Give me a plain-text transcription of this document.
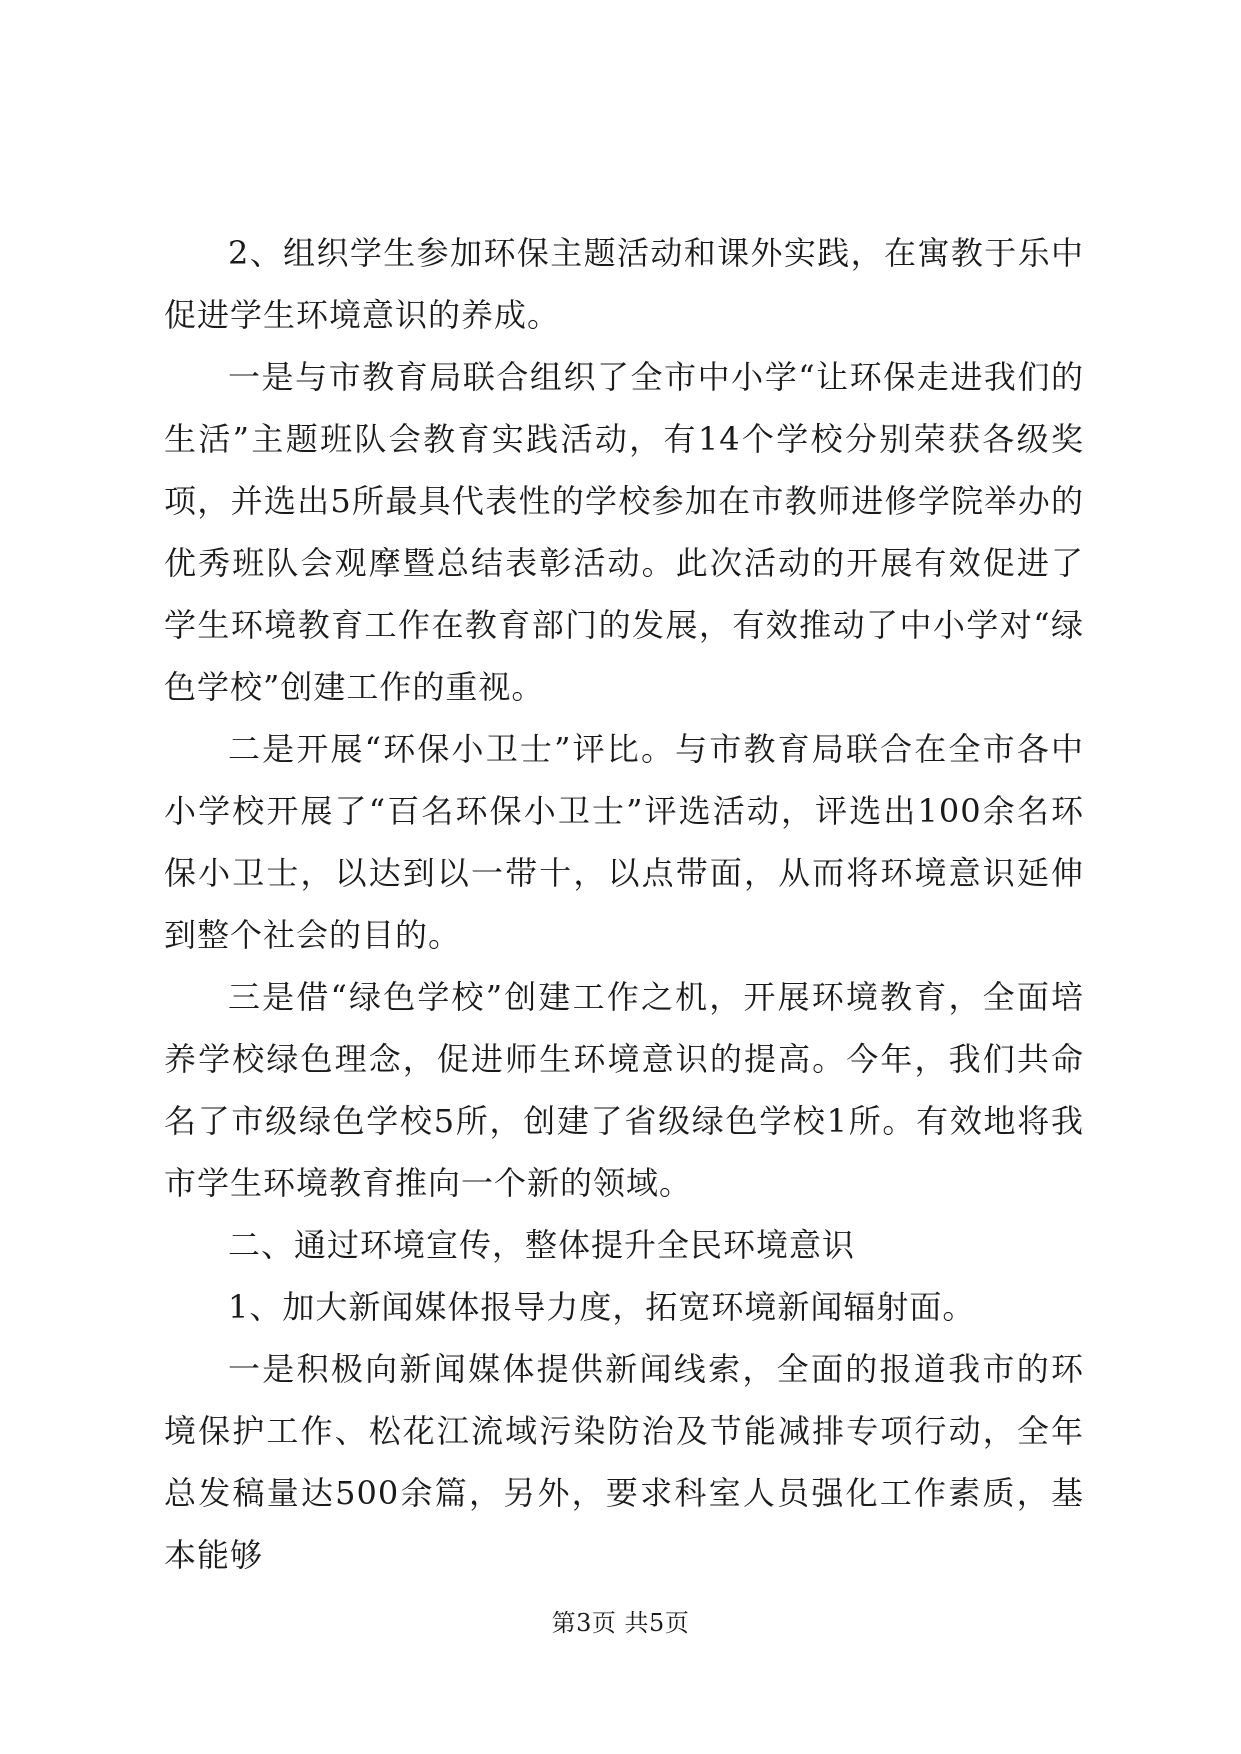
2、组织学生参加环保主题活动和课外实践，在寓教于乐中促进学生环境意识的养成。

一是与市教育局联合组织了全市中小学“让环保走进我们的生活”主题班队会教育实践活动，有14个学校分别荣获各级奖项，并选出5所最具代表性的学校参加在市教师进修学院举办的优秀班队会观摩暨总结表彰活动。此次活动的开展有效促进了学生环境教育工作在教育部门的发展，有效推动了中小学对“绿色学校”创建工作的重视。

二是开展“环保小卫士”评比。与市教育局联合在全市各中小学校开展了“百名环保小卫士”评选活动，评选出100余名环保小卫士，以达到以一带十，以点带面，从而将环境意识延伸到整个社会的目的。

三是借“绿色学校”创建工作之机，开展环境教育，全面培养学校绿色理念，促进师生环境意识的提高。今年，我们共命名了市级绿色学校5所，创建了省级绿色学校1所。有效地将我市学生环境教育推向一个新的领域。

二、通过环境宣传，整体提升全民环境意识

1、加大新闻媒体报导力度，拓宽环境新闻辐射面。

一是积极向新闻媒体提供新闻线索，全面的报道我市的环境保护工作、松花江流域污染防治及节能减排专项行动，全年总发稿量达500余篇，另外，要求科室人员强化工作素质，基本能够

第3页 共5页
